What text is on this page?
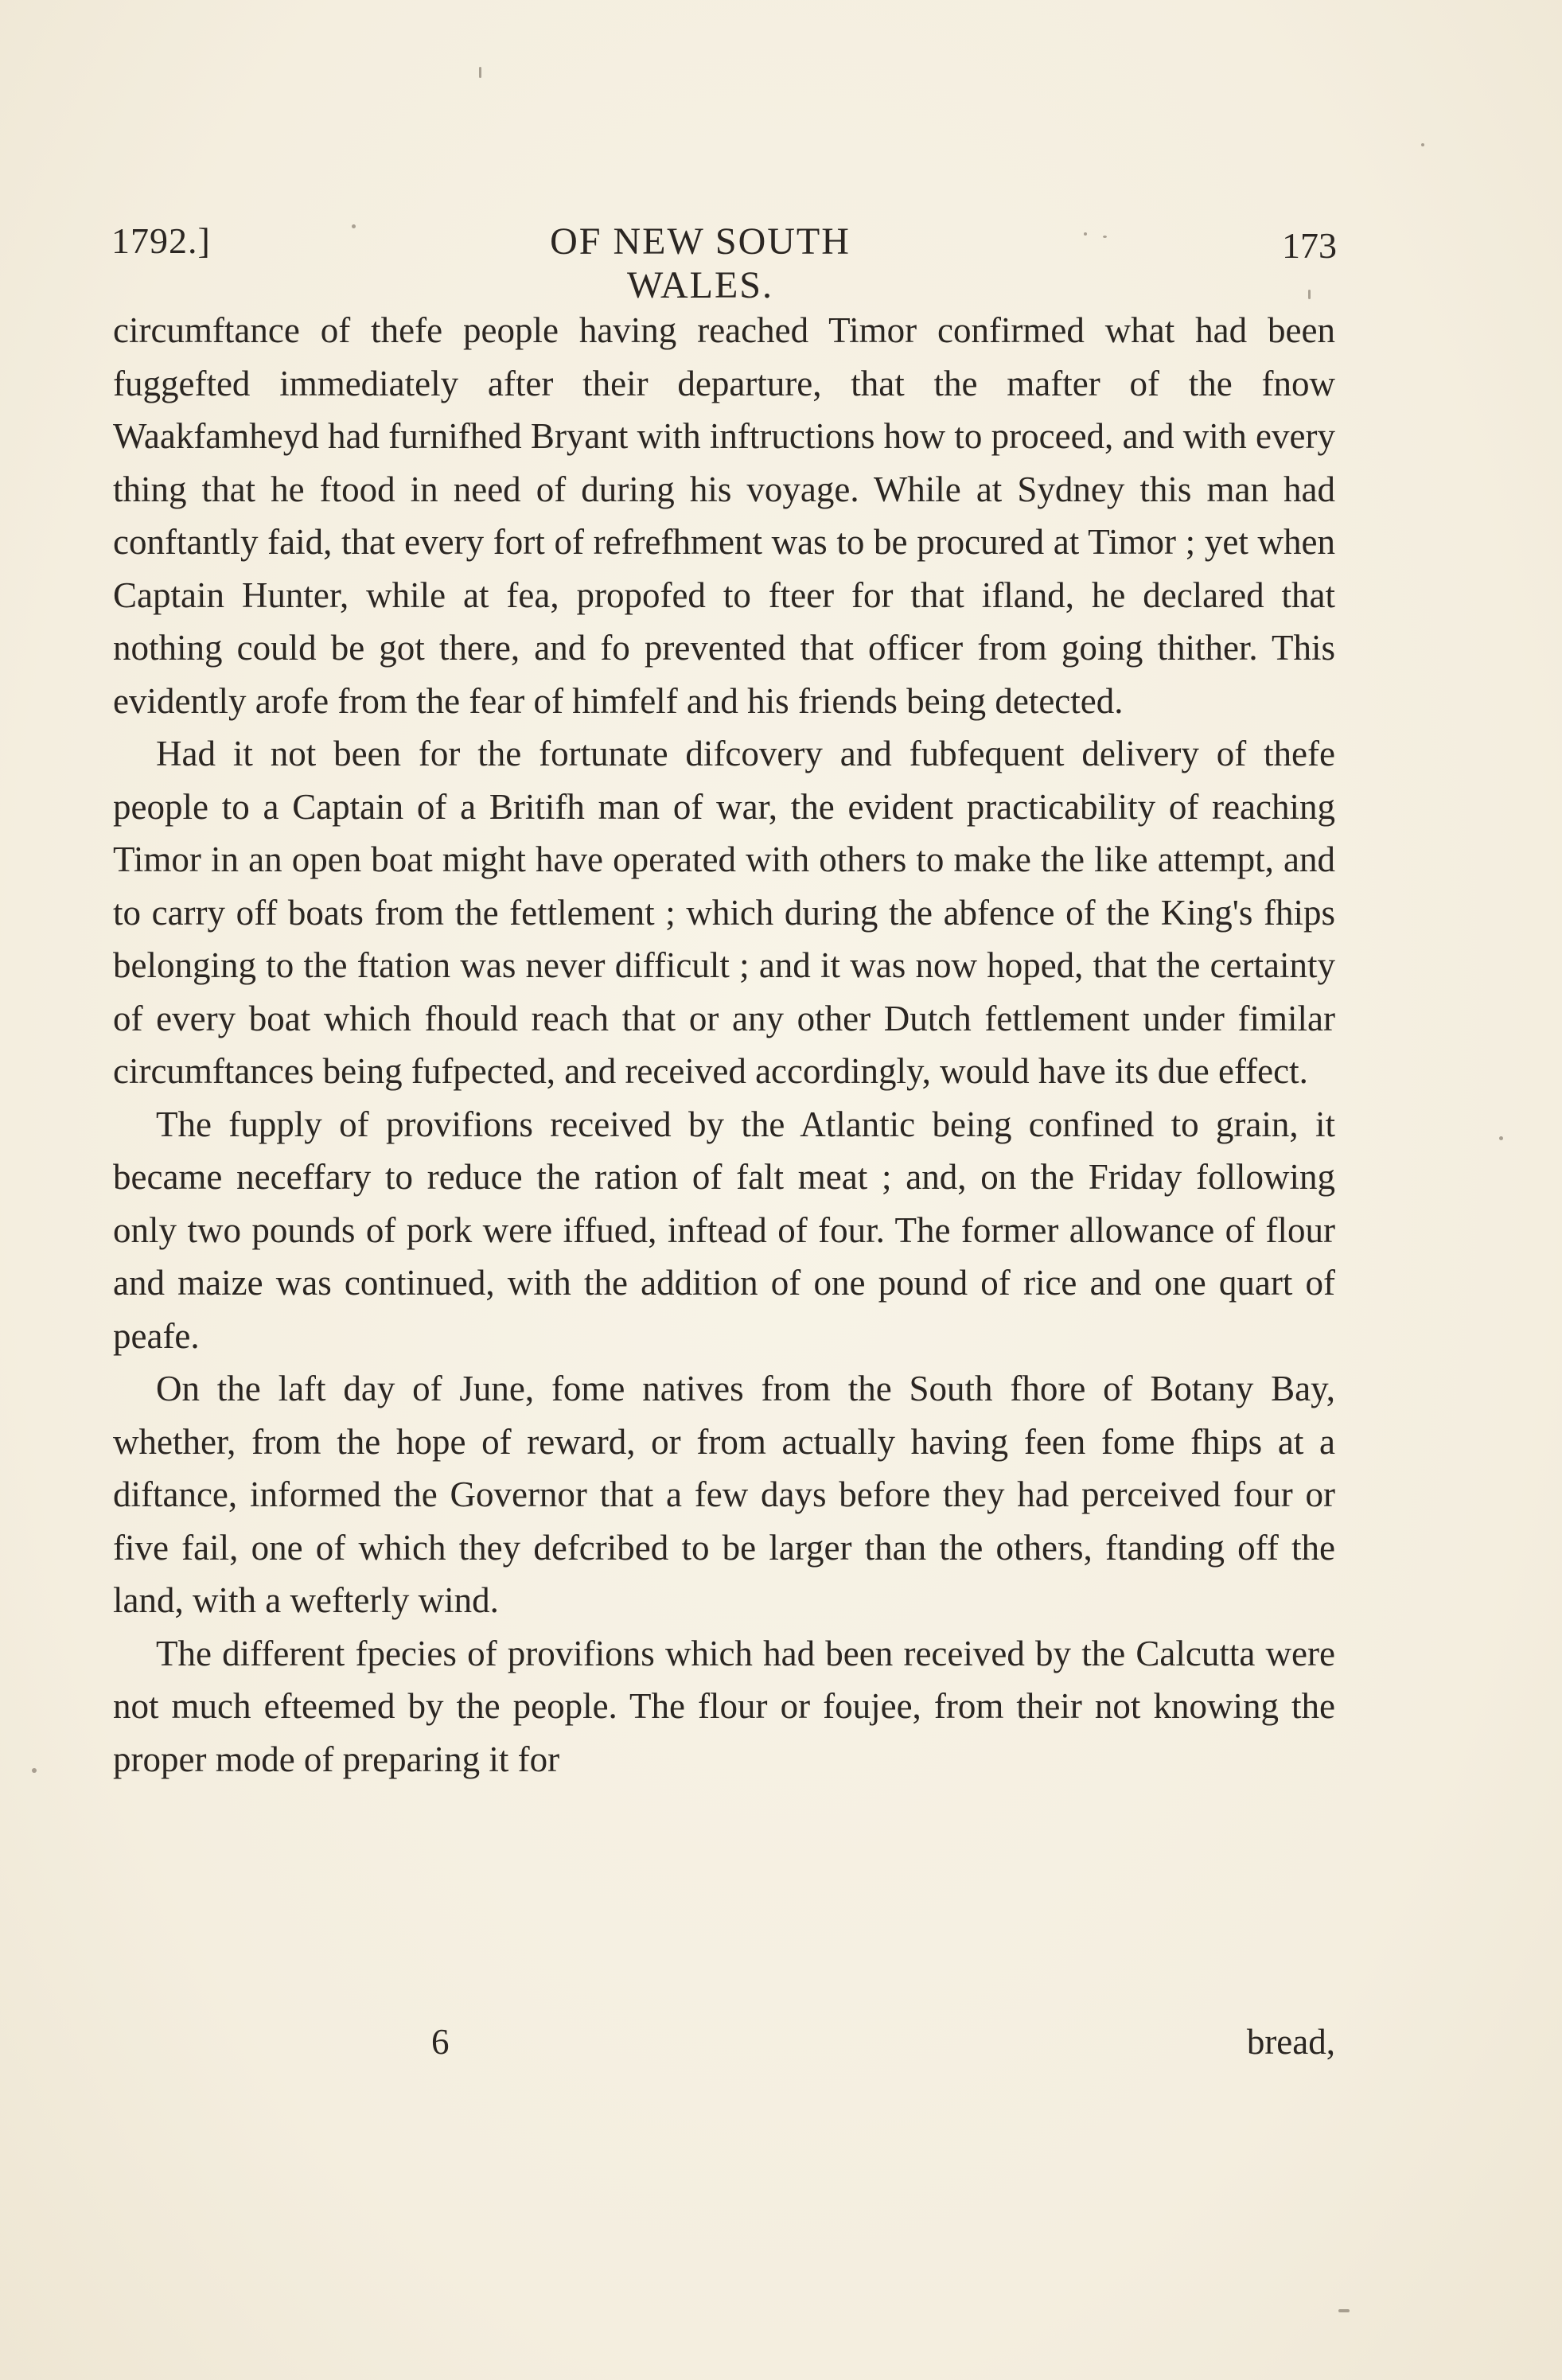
1792.]	OF NEW SOUTH WALES.
173

circumftance of thefe people having reached Timor confirmed what had been fuggefted immediately after their departure, that the mafter of the fnow Waakfamheyd had furnifhed Bryant with inftructions how to proceed, and with every thing that he ftood in need of during his voyage. While at Sydney this man had conftantly faid, that every fort of refrefhment was to be procured at Timor ; yet when Captain Hunter, while at fea, propofed to fteer for that ifland, he declared that nothing could be got there, and fo prevented that officer from going thither. This evidently arofe from the fear of himfelf and his friends being detected.

Had it not been for the fortunate difcovery and fubfequent delivery of thefe people to a Captain of a Britifh man of war, the evident practicability of reaching Timor in an open boat might have operated with others to make the like attempt, and to carry off boats from the fettlement ; which during the abfence of the King's fhips belonging to the ftation was never difficult ; and it was now hoped, that the certainty of every boat which fhould reach that or any other Dutch fettlement under fimilar circumftances being fufpected, and received accordingly, would have its due effect.

The fupply of provifions received by the Atlantic being confined to grain, it became neceffary to reduce the ration of falt meat ; and, on the Friday following only two pounds of pork were iffued, inftead of four. The former allowance of flour and maize was continued, with the addition of one pound of rice and one quart of peafe.

On the laft day of June, fome natives from the South fhore of Botany Bay, whether, from the hope of reward, or from actually having feen fome fhips at a diftance, informed the Governor that a few days before they had perceived four or five fail, one of which they defcribed to be larger than the others, ftanding off the land, with a wefterly wind.

The different fpecies of provifions which had been received by the Calcutta were not much efteemed by the people. The flour or foujee, from their not knowing the proper mode of preparing it for

6	bread,
